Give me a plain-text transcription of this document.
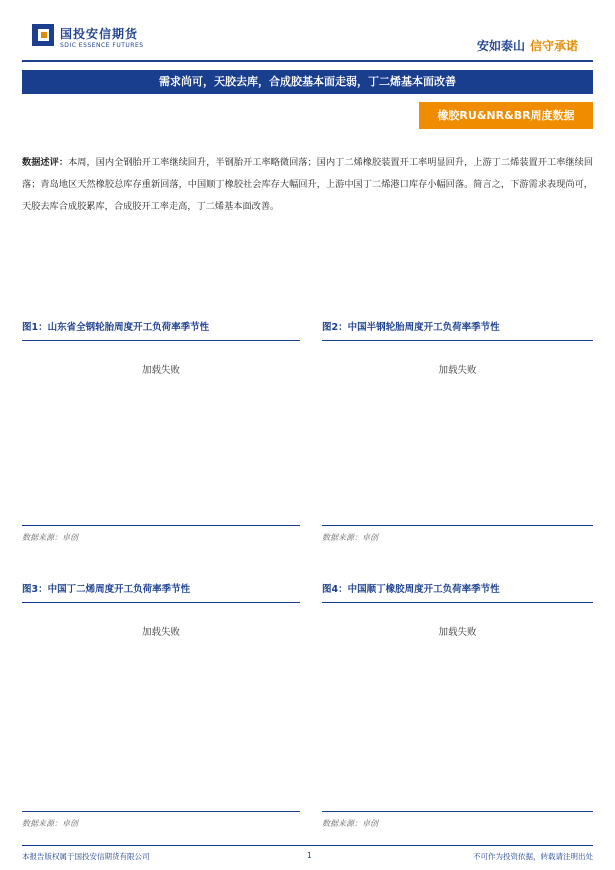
国投安信期货
SDIC ESSENCE FUTURES	安如泰山 信守承诺
需求尚可，天胶去库，合成胶基本面走弱，丁二烯基本面改善
橡胶RU&NR&BR周度数据
数据述评：本周，国内全钢胎开工率继续回升，半钢胎开工率略微回落；国内丁二烯橡胶装置开工率明显回升，上游丁二烯装置开工率继续回落；青岛地区天然橡胶总库存重新回落，中国顺丁橡胶社会库存大幅回升，上游中国丁二烯港口库存小幅回落。简言之，下游需求表现尚可，天胶去库合成胶累库，合成胶开工率走高，丁二烯基本面改善。
图1：山东省全钢轮胎周度开工负荷率季节性
加载失败
数据来源：卓创
图2：中国半钢轮胎周度开工负荷率季节性
加载失败
数据来源：卓创
图3：中国丁二烯周度开工负荷率季节性
加载失败
数据来源：卓创
图4：中国顺丁橡胶周度开工负荷率季节性
加载失败
数据来源：卓创
本报告版权属于国投安信期货有限公司	1	不可作为投资依据，转载请注明出处
